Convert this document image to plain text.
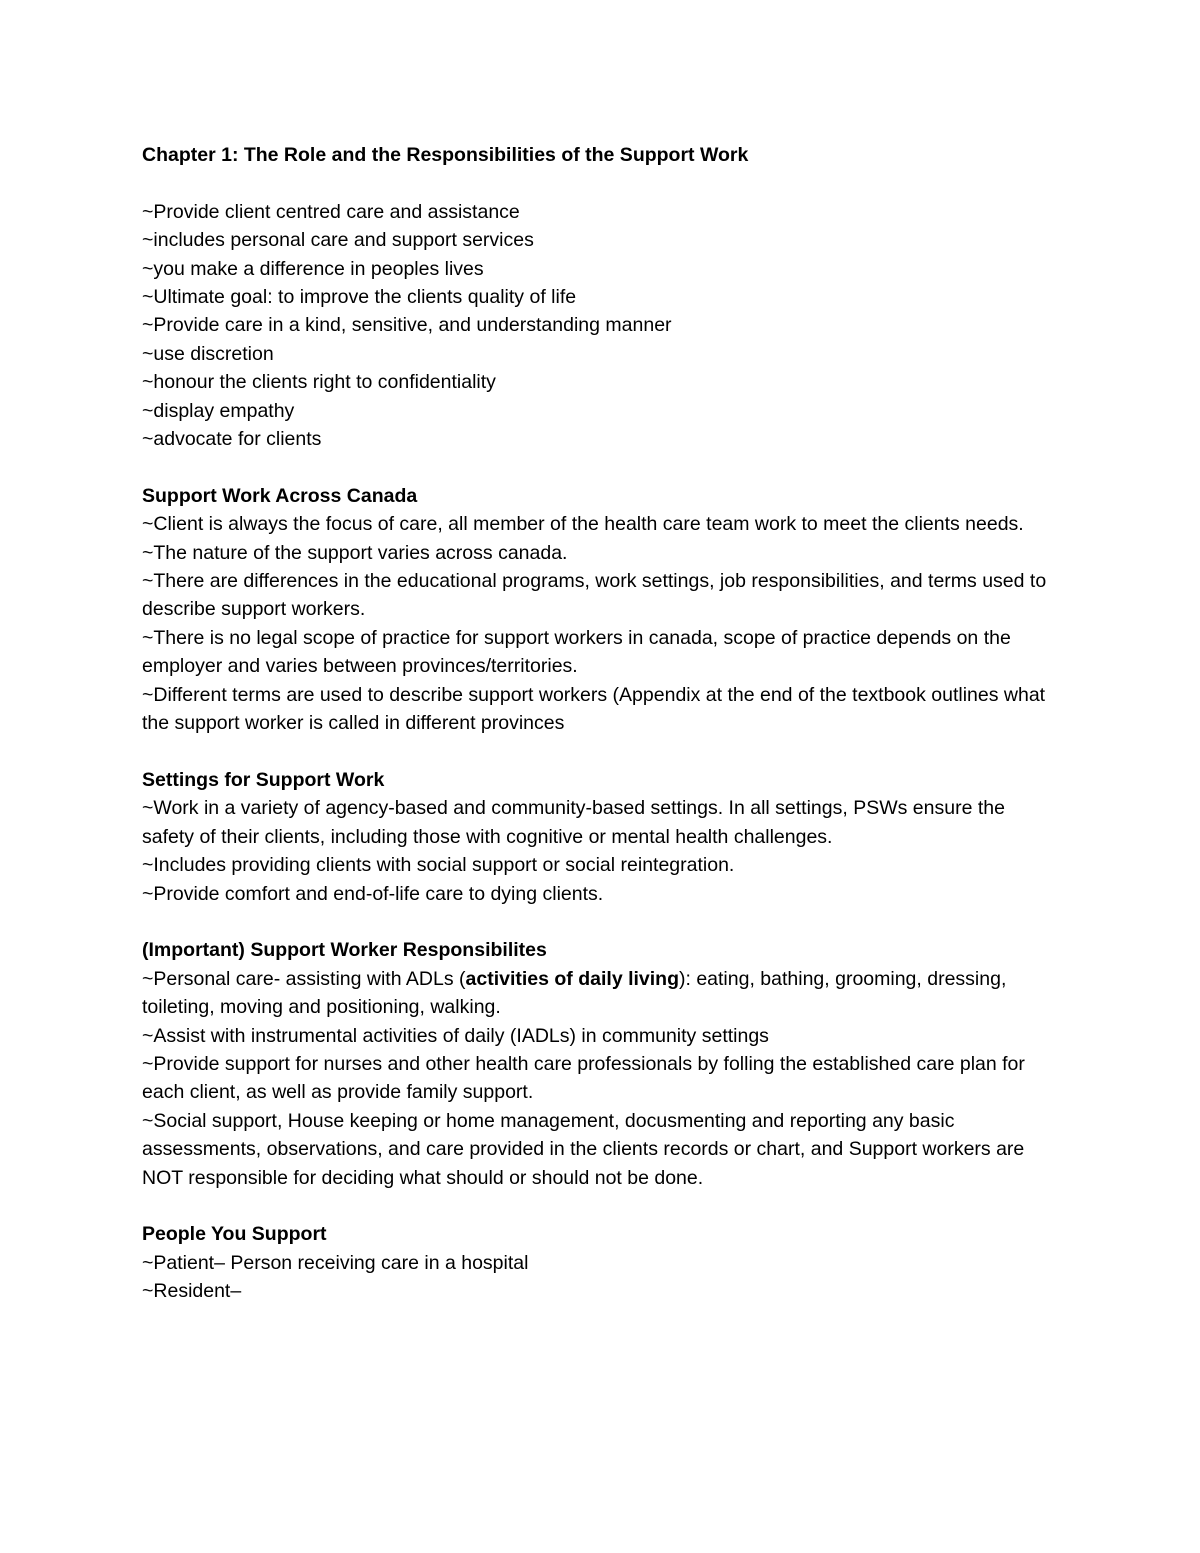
Chapter 1: The Role and the Responsibilities of the Support Work

~Provide client centred care and assistance

~includes personal care and support services

~you make a difference in peoples lives

~Ultimate goal: to improve the clients quality of life

~Provide care in a kind, sensitive, and understanding manner

~use discretion

~honour the clients right to confidentiality

~display empathy

~advocate for clients

Support Work Across Canada

~Client is always the focus of care, all member of the health care team work to meet the clients needs.

~The nature of the support varies across canada.

~There are differences in the educational programs, work settings, job responsibilities, and terms used to describe support workers.

~There is no legal scope of practice for support workers in canada, scope of practice depends on the employer and varies between provinces/territories.

~Different terms are used to describe support workers (Appendix at the end of the textbook outlines what the support worker is called in different provinces

Settings for Support Work

~Work in a variety of agency-based and community-based settings. In all settings, PSWs ensure the safety of their clients, including those with cognitive or mental health challenges.

~Includes providing clients with social support or social reintegration.

~Provide comfort and end-of-life care to dying clients.

(Important) Support Worker Responsibilites

~Personal care- assisting with ADLs (activities of daily living): eating, bathing, grooming, dressing, toileting, moving and positioning, walking.

~Assist with instrumental activities of daily (IADLs) in community settings

~Provide support for nurses and other health care professionals by folling the established care plan for each client, as well as provide family support.

~Social support, House keeping or home management, docusmenting and reporting any basic assessments, observations, and care provided in the clients records or chart, and Support workers are NOT responsible for deciding what should or should not be done.

People You Support

~Patient– Person receiving care in a hospital

~Resident–
